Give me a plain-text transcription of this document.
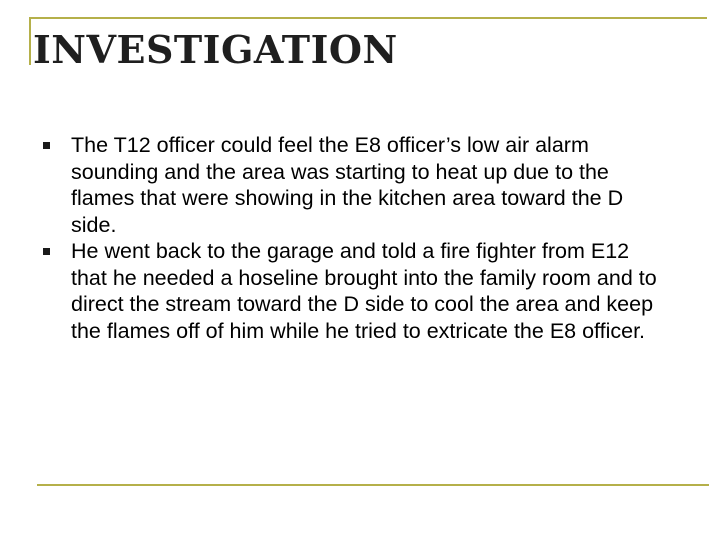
INVESTIGATION
The T12 officer could feel the E8 officer’s low air alarm sounding and the area was starting to heat up due to the flames that were showing in the kitchen area toward the D side.
He went back to the garage and told a fire fighter from E12 that he needed a hoseline brought into the family room and to direct the stream toward the D side to cool the area and keep the flames off of him while he tried to extricate the E8 officer.
